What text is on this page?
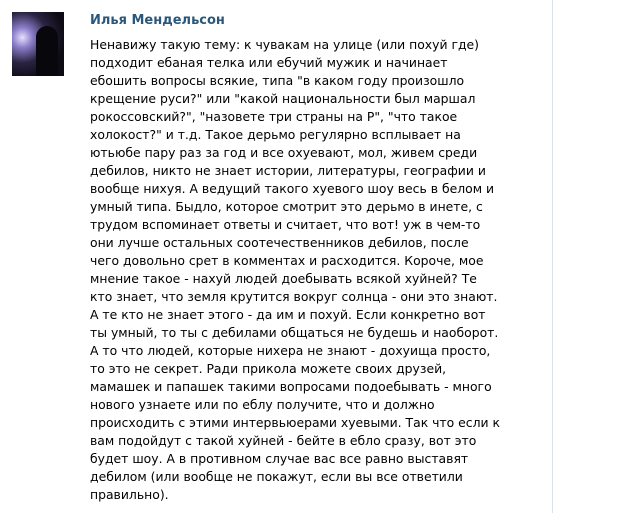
Илья Мендельсон
Ненавижу такую тему: к чувакам на улице (или похуй где)
подходит ебаная телка или ебучий мужик и начинает
ебошить вопросы всякие, типа "в каком году произошло
крещение руси?" или "какой национальности был маршал
рокоссовский?", "назовете три страны на Р", "что такое
холокост?" и т.д. Такое дерьмо регулярно всплывает на
ютьюбе пару раз за год и все охуевают, мол, живем среди
дебилов, никто не знает истории, литературы, географии и
вообще нихуя. А ведущий такого хуевого шоу весь в белом и
умный типа. Быдло, которое смотрит это дерьмо в инете, с
трудом вспоминает ответы и считает, что вот! уж в чем-то
они лучше остальных соотечественников дебилов, после
чего довольно срет в комментах и расходится. Короче, мое
мнение такое - нахуй людей доебывать всякой хуйней? Те
кто знает, что земля крутится вокруг солнца - они это знают.
А те кто не знает этого - да им и похуй. Если конкретно вот
ты умный, то ты с дебилами общаться не будешь и наоборот.
А то что людей, которые нихера не знают - дохуища просто,
то это не секрет. Ради прикола можете своих друзей,
мамашек и папашек такими вопросами подоебывать - много
нового узнаете или по еблу получите, что и должно
происходить с этими интервьюерами хуевыми. Так что если к
вам подойдут с такой хуйней - бейте в ебло сразу, вот это
будет шоу. А в противном случае вас все равно выставят
дебилом (или вообще не покажут, если вы все ответили
правильно).
